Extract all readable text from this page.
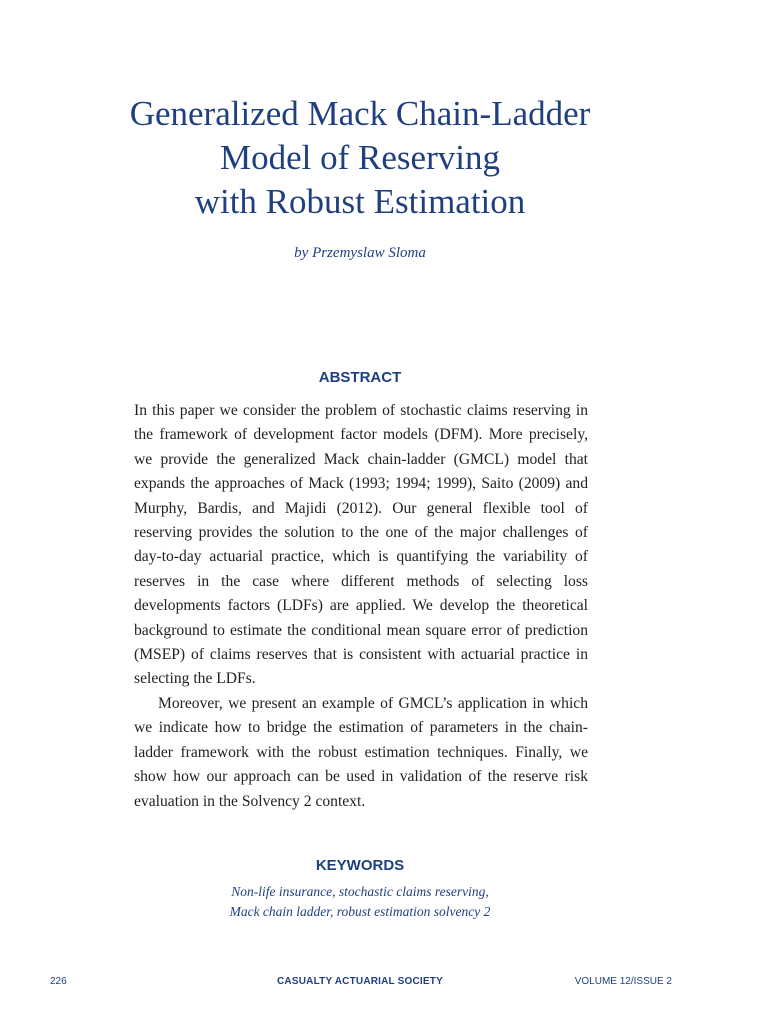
Generalized Mack Chain-Ladder
Model of Reserving
with Robust Estimation
by Przemyslaw Sloma
ABSTRACT

In this paper we consider the problem of stochastic claims reserving in the framework of development factor models (DFM). More precisely, we provide the generalized Mack chain-ladder (GMCL) model that expands the approaches of Mack (1993; 1994; 1999), Saito (2009) and Murphy, Bardis, and Majidi (2012). Our general flexible tool of reserving provides the solution to the one of the major challenges of day-to-day actuarial practice, which is quantifying the variability of reserves in the case where different methods of selecting loss developments factors (LDFs) are applied. We develop the theoretical background to estimate the conditional mean square error of prediction (MSEP) of claims reserves that is consistent with actuarial practice in selecting the LDFs.

Moreover, we present an example of GMCL’s application in which we indicate how to bridge the estimation of parameters in the chain-ladder framework with the robust estimation techniques. Finally, we show how our approach can be used in validation of the reserve risk evaluation in the Solvency 2 context.

KEYWORDS
Non-life insurance, stochastic claims reserving,
Mack chain ladder, robust estimation solvency 2
226	CASUALTY ACTUARIAL SOCIETY	VOLUME 12/ISSUE 2
